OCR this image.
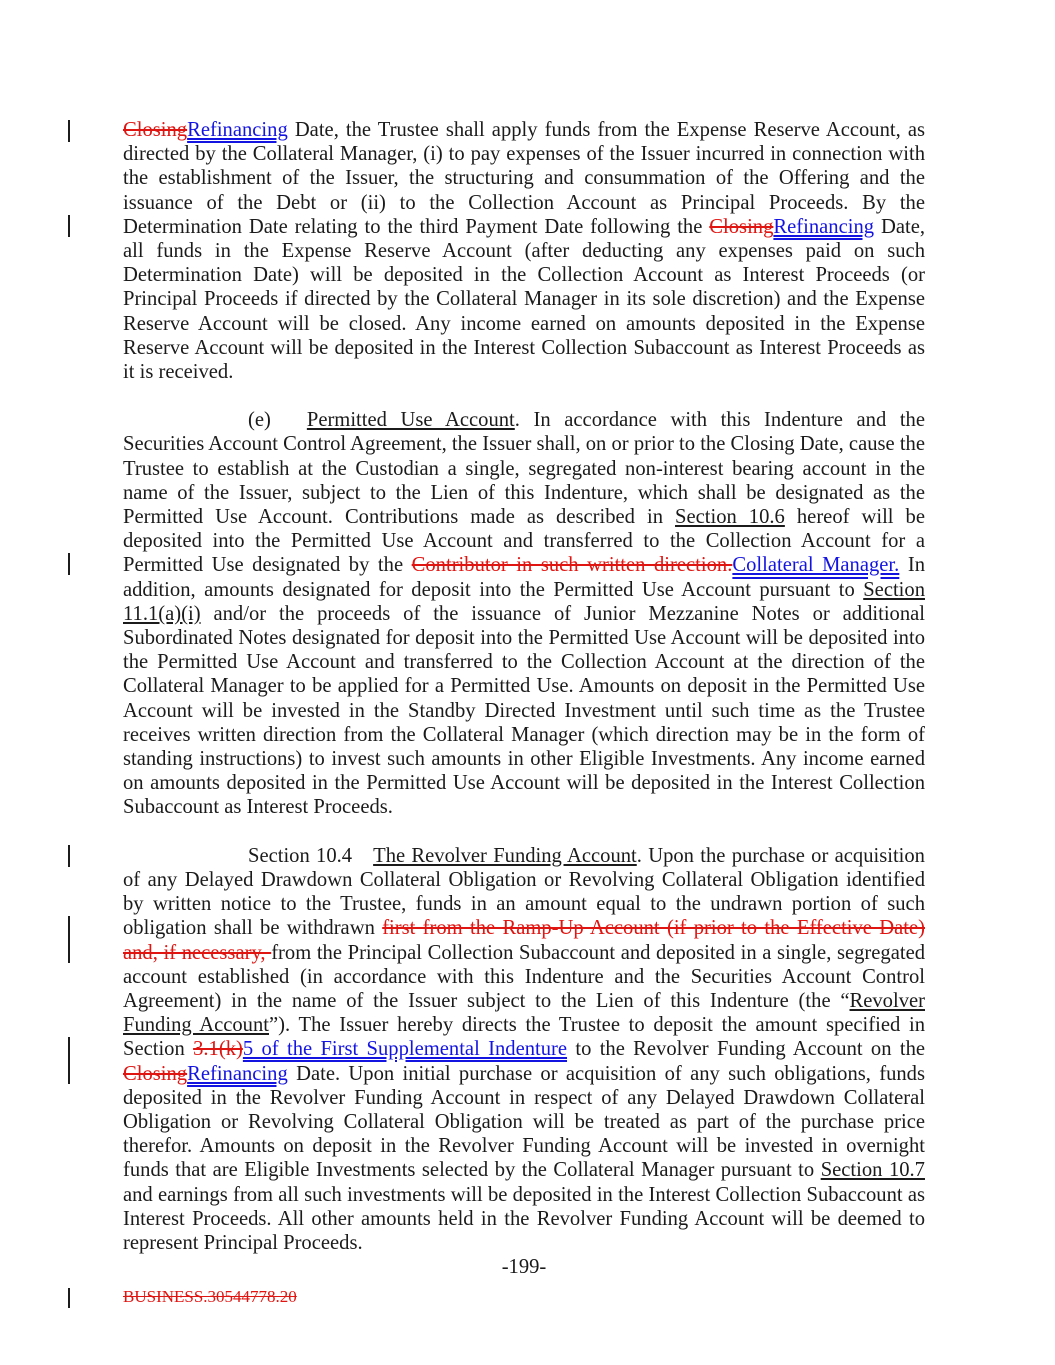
ClosingRefinancing Date, the Trustee shall apply funds from the Expense Reserve Account, as directed by the Collateral Manager, (i) to pay expenses of the Issuer incurred in connection with the establishment of the Issuer, the structuring and consummation of the Offering and the issuance of the Debt or (ii) to the Collection Account as Principal Proceeds. By the Determination Date relating to the third Payment Date following the ClosingRefinancing Date, all funds in the Expense Reserve Account (after deducting any expenses paid on such Determination Date) will be deposited in the Collection Account as Interest Proceeds (or Principal Proceeds if directed by the Collateral Manager in its sole discretion) and the Expense Reserve Account will be closed. Any income earned on amounts deposited in the Expense Reserve Account will be deposited in the Interest Collection Subaccount as Interest Proceeds as it is received.

(e) Permitted Use Account. In accordance with this Indenture and the Securities Account Control Agreement, the Issuer shall, on or prior to the Closing Date, cause the Trustee to establish at the Custodian a single, segregated non-interest bearing account in the name of the Issuer, subject to the Lien of this Indenture, which shall be designated as the Permitted Use Account. Contributions made as described in Section 10.6 hereof will be deposited into the Permitted Use Account and transferred to the Collection Account for a Permitted Use designated by the Contributor in such written direction.Collateral Manager. In addition, amounts designated for deposit into the Permitted Use Account pursuant to Section 11.1(a)(i) and/or the proceeds of the issuance of Junior Mezzanine Notes or additional Subordinated Notes designated for deposit into the Permitted Use Account will be deposited into the Permitted Use Account and transferred to the Collection Account at the direction of the Collateral Manager to be applied for a Permitted Use. Amounts on deposit in the Permitted Use Account will be invested in the Standby Directed Investment until such time as the Trustee receives written direction from the Collateral Manager (which direction may be in the form of standing instructions) to invest such amounts in other Eligible Investments. Any income earned on amounts deposited in the Permitted Use Account will be deposited in the Interest Collection Subaccount as Interest Proceeds.

Section 10.4 The Revolver Funding Account. Upon the purchase or acquisition of any Delayed Drawdown Collateral Obligation or Revolving Collateral Obligation identified by written notice to the Trustee, funds in an amount equal to the undrawn portion of such obligation shall be withdrawn first from the Ramp-Up Account (if prior to the Effective Date) and, if necessary, from the Principal Collection Subaccount and deposited in a single, segregated account established (in accordance with this Indenture and the Securities Account Control Agreement) in the name of the Issuer subject to the Lien of this Indenture (the “Revolver Funding Account”). The Issuer hereby directs the Trustee to deposit the amount specified in Section 3.1(k)5 of the First Supplemental Indenture to the Revolver Funding Account on the ClosingRefinancing Date. Upon initial purchase or acquisition of any such obligations, funds deposited in the Revolver Funding Account in respect of any Delayed Drawdown Collateral Obligation or Revolving Collateral Obligation will be treated as part of the purchase price therefor. Amounts on deposit in the Revolver Funding Account will be invested in overnight funds that are Eligible Investments selected by the Collateral Manager pursuant to Section 10.7 and earnings from all such investments will be deposited in the Interest Collection Subaccount as Interest Proceeds. All other amounts held in the Revolver Funding Account will be deemed to represent Principal Proceeds.

-199-
BUSINESS.30544778.20
